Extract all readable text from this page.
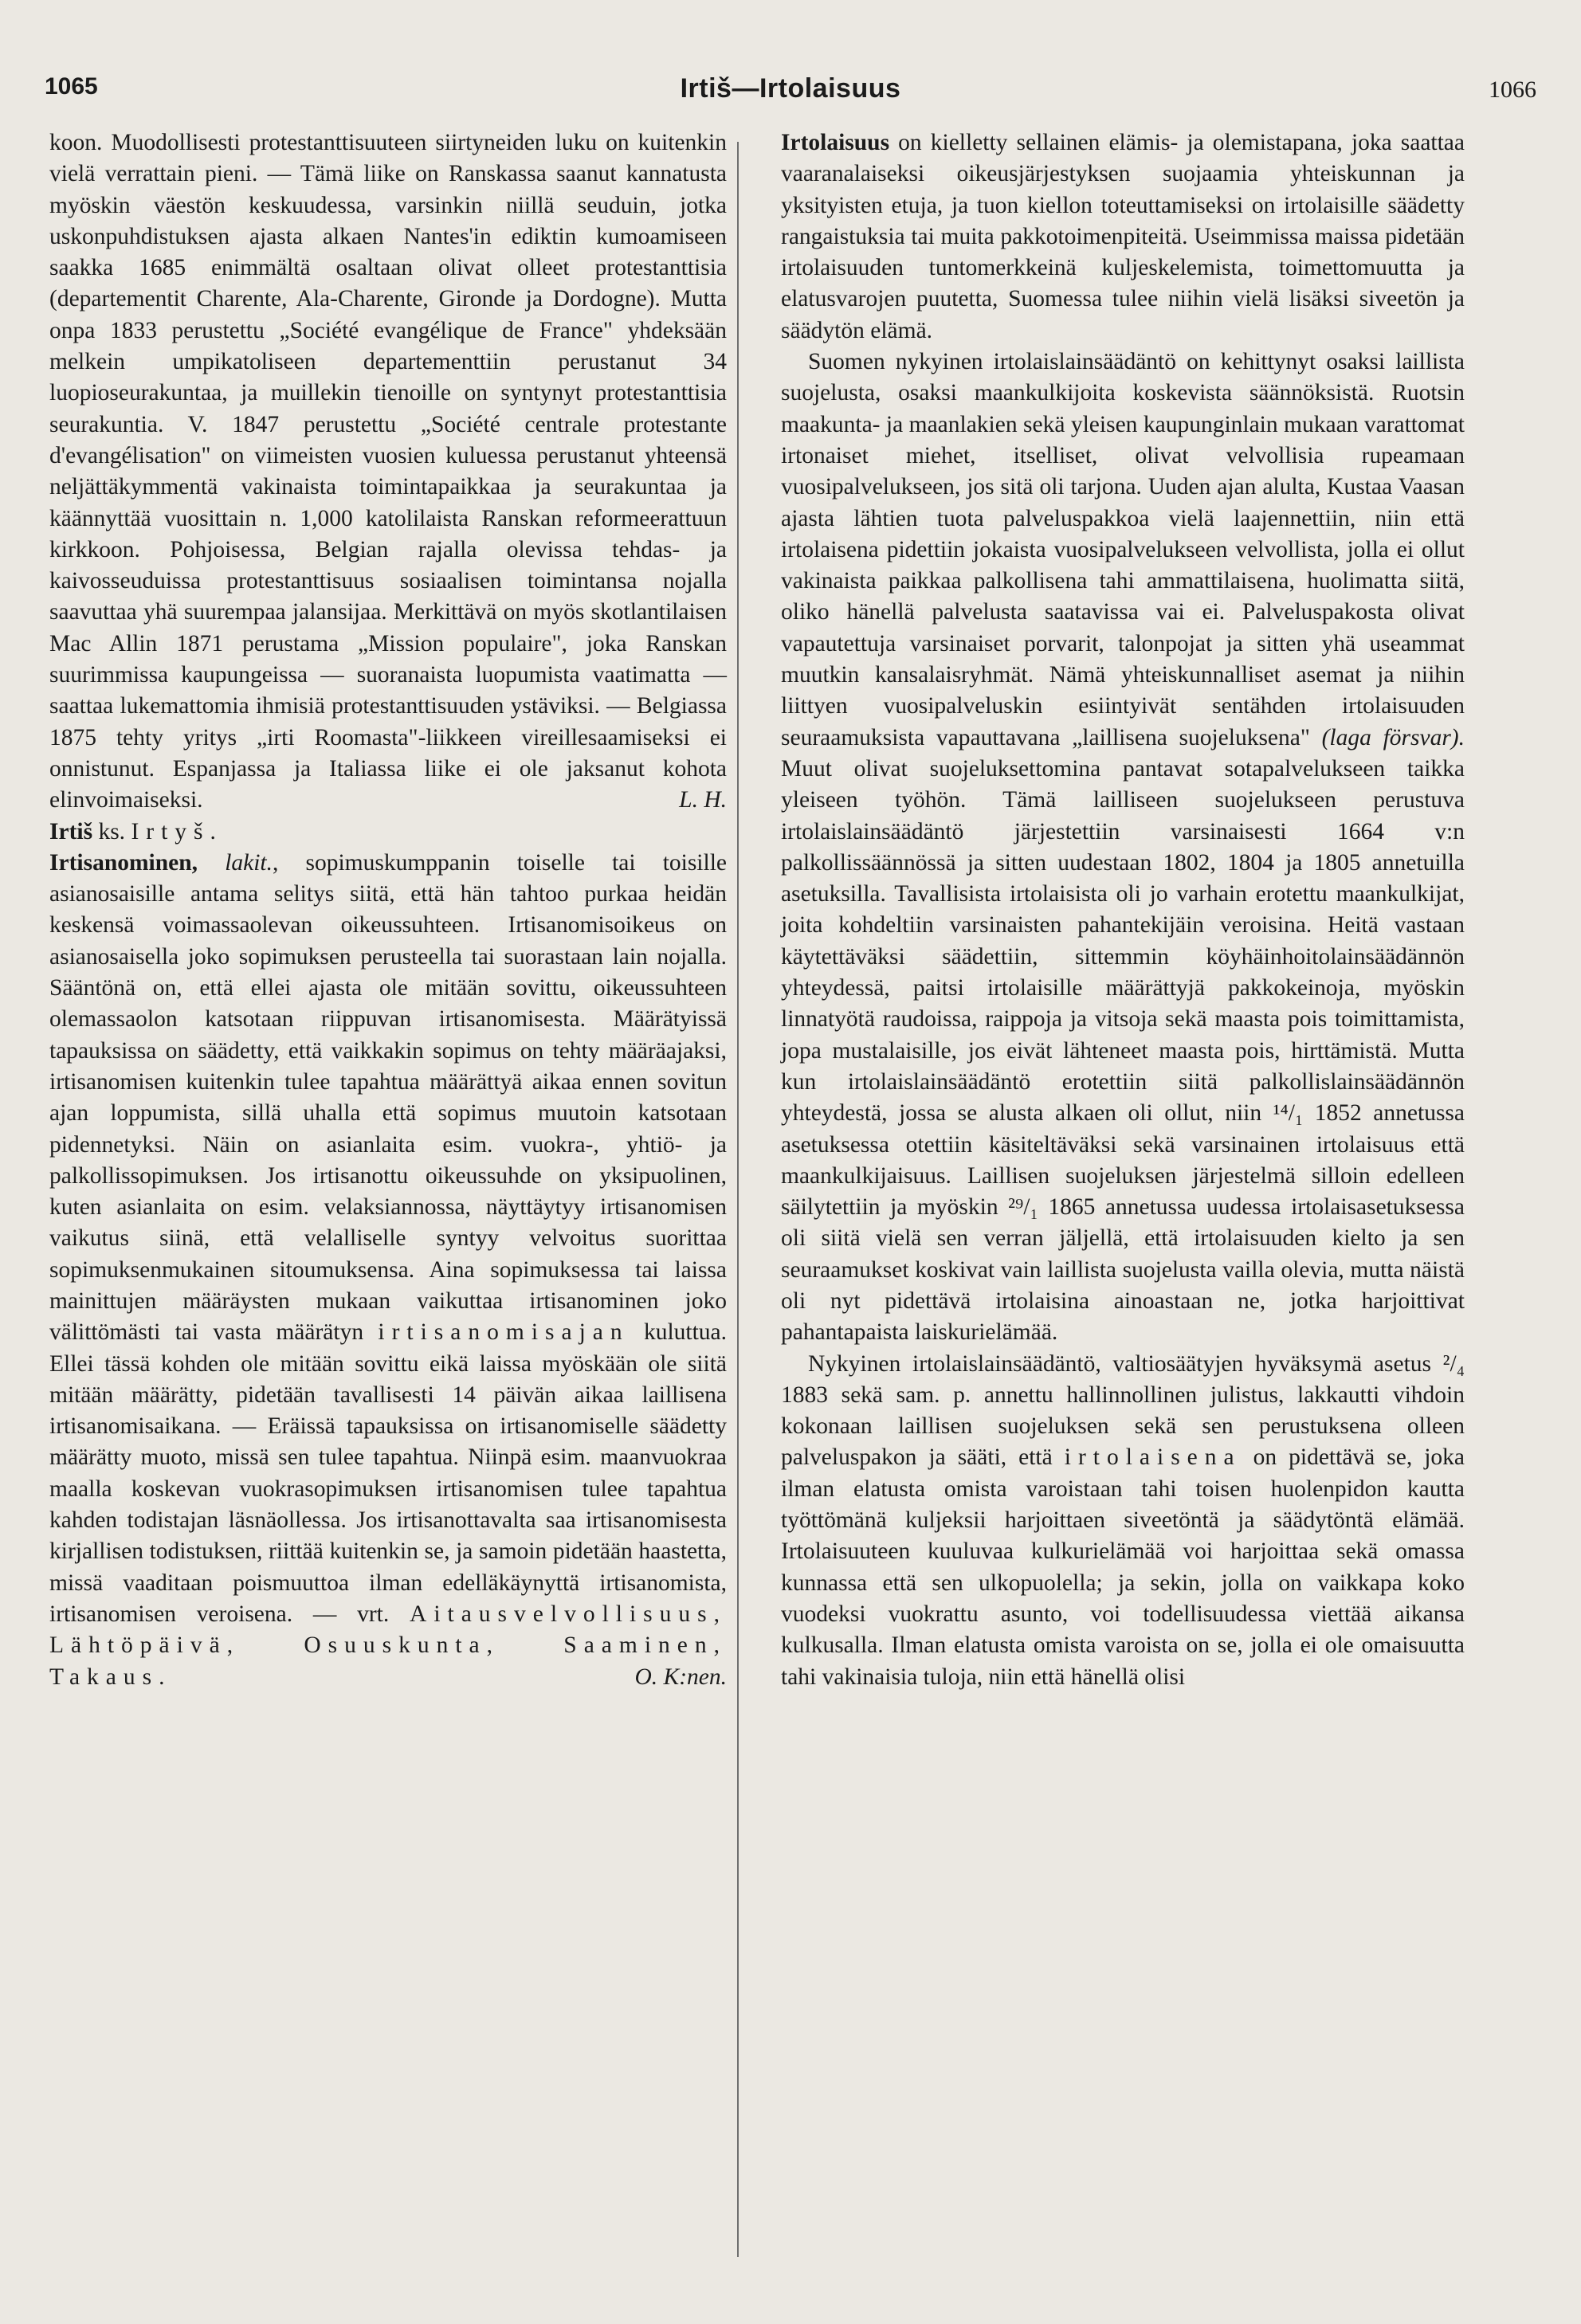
1065	Irtiš—Irtolaisuus	1066

koon. Muodollisesti protestanttisuuteen siirtyneiden luku on kuitenkin vielä verrattain pieni. — Tämä liike on Ranskassa saanut kannatusta myöskin väestön keskuudessa, varsinkin niillä seuduin, jotka uskonpuhdistuksen ajasta alkaen Nantes'in ediktin kumoamiseen saakka 1685 enimmältä osaltaan olivat olleet protestanttisia (departementit Charente, Ala-Charente, Gironde ja Dordogne). Mutta onpa 1833 perustettu „Société evangélique de France" yhdeksään melkein umpikatoliseen departementtiin perustanut 34 luopioseurakuntaa, ja muillekin tienoille on syntynyt protestanttisia seurakuntia. V. 1847 perustettu „Société centrale protestante d'evangélisation" on viimeisten vuosien kuluessa perustanut yhteensä neljättäkymmentä vakinaista toimintapaikkaa ja seurakuntaa ja käännyttää vuosittain n. 1,000 katolilaista Ranskan reformeerattuun kirkkoon. Pohjoisessa, Belgian rajalla olevissa tehdas- ja kaivosseuduissa protestanttisuus sosiaalisen toimintansa nojalla saavuttaa yhä suurempaa jalansijaa. Merkittävä on myös skotlantilaisen Mac Allin 1871 perustama „Mission populaire", joka Ranskan suurimmissa kaupungeissa — suoranaista luopumista vaatimatta — saattaa lukemattomia ihmisiä protestanttisuuden ystäviksi. — Belgiassa 1875 tehty yritys „irti Roomasta"-liikkeen vireillesaamiseksi ei onnistunut. Espanjassa ja Italiassa liike ei ole jaksanut kohota elinvoimaiseksi.	L. H.

Irtiš ks. Irtyš.

Irtisanominen, lakit., sopimuskumppanin toiselle tai toisille asianosaisille antama selitys siitä, että hän tahtoo purkaa heidän keskensä voimassaolevan oikeussuhteen. Irtisanomisoikeus on asianosaisella joko sopimuksen perusteella tai suorastaan lain nojalla. Sääntönä on, että ellei ajasta ole mitään sovittu, oikeussuhteen olemassaolon katsotaan riippuvan irtisanomisesta. Määrätyissä tapauksissa on säädetty, että vaikkakin sopimus on tehty määräajaksi, irtisanomisen kuitenkin tulee tapahtua määrättyä aikaa ennen sovitun ajan loppumista, sillä uhalla että sopimus muutoin katsotaan pidennetyksi. Näin on asianlaita esim. vuokra-, yhtiö- ja palkollissopimuksen. Jos irtisanottu oikeussuhde on yksipuolinen, kuten asianlaita on esim. velaksiannossa, näyttäytyy irtisanomisen vaikutus siinä, että velalliselle syntyy velvoitus suorittaa sopimuksenmukainen sitoumuksensa. Aina sopimuksessa tai laissa mainittujen määräysten mukaan vaikuttaa irtisanominen joko välittömästi tai vasta määrätyn irtisanomisajan kuluttua. Ellei tässä kohden ole mitään sovittu eikä laissa myöskään ole siitä mitään määrätty, pidetään tavallisesti 14 päivän aikaa laillisena irtisanomisaikana. — Eräissä tapauksissa on irtisanomiselle säädetty määrätty muoto, missä sen tulee tapahtua. Niinpä esim. maanvuokraa maalla koskevan vuokrasopimuksen irtisanomisen tulee tapahtua kahden todistajan läsnäollessa. Jos irtisanottavalta saa irtisanomisesta kirjallisen todistuksen, riittää kuitenkin se, ja samoin pidetään haastetta, missä vaaditaan poismuuttoa ilman edelläkäynyttä irtisanomista, irtisanomisen veroisena. — vrt. Aitausvelvollisuus, Lähtöpäivä, Osuuskunta, Saaminen, Takaus.	O. K:nen.

Irtolaisuus on kielletty sellainen elämis- ja olemistapana, joka saattaa vaaranalaiseksi oikeusjärjestyksen suojaamia yhteiskunnan ja yksityisten etuja, ja tuon kiellon toteuttamiseksi on irtolaisille säädetty rangaistuksia tai muita pakkotoimenpiteitä. Useimmissa maissa pidetään irtolaisuuden tuntomerkkeinä kuljeskelemista, toimettomuutta ja elatusvarojen puutetta, Suomessa tulee niihin vielä lisäksi siveetön ja säädytön elämä.

Suomen nykyinen irtolaislainsäädäntö on kehittynyt osaksi laillista suojelusta, osaksi maankulkijoita koskevista säännöksistä. Ruotsin maakunta- ja maanlakien sekä yleisen kaupunginlain mukaan varattomat irtonaiset miehet, itselliset, olivat velvollisia rupeamaan vuosipalvelukseen, jos sitä oli tarjona. Uuden ajan alulta, Kustaa Vaasan ajasta lähtien tuota palveluspakkoa vielä laajennettiin, niin että irtolaisena pidettiin jokaista vuosipalvelukseen velvollista, jolla ei ollut vakinaista paikkaa palkollisena tahi ammattilaisena, huolimatta siitä, oliko hänellä palvelusta saatavissa vai ei. Palveluspakosta olivat vapautettuja varsinaiset porvarit, talonpojat ja sitten yhä useammat muutkin kansalaisryhmät. Nämä yhteiskunnalliset asemat ja niihin liittyen vuosipalveluskin esiintyivät sentähden irtolaisuuden seuraamuksista vapauttavana „laillisena suojeluksena" (laga försvar). Muut olivat suojeluksettomina pantavat sotapalvelukseen taikka yleiseen työhön. Tämä lailliseen suojelukseen perustuva irtolaislainsäädäntö järjestettiin varsinaisesti 1664 v:n palkollissäännössä ja sitten uudestaan 1802, 1804 ja 1805 annetuilla asetuksilla. Tavallisista irtolaisista oli jo varhain erotettu maankulkijat, joita kohdeltiin varsinaisten pahantekijäin veroisina. Heitä vastaan käytettäväksi säädettiin, sittemmin köyhäinhoitolainsäädännön yhteydessä, paitsi irtolaisille määrättyjä pakkokeinoja, myöskin linnatyötä raudoissa, raippoja ja vitsoja sekä maasta pois toimittamista, jopa mustalaisille, jos eivät lähteneet maasta pois, hirttämistä. Mutta kun irtolaislainsäädäntö erotettiin siitä palkollislainsäädännön yhteydestä, jossa se alusta alkaen oli ollut, niin ¹⁴/₁ 1852 annetussa asetuksessa otettiin käsiteltäväksi sekä varsinainen irtolaisuus että maankulkijaisuus. Laillisen suojeluksen järjestelmä silloin edelleen säilytettiin ja myöskin ²⁹/₁ 1865 annetussa uudessa irtolaisasetuksessa oli siitä vielä sen verran jäljellä, että irtolaisuuden kielto ja sen seuraamukset koskivat vain laillista suojelusta vailla olevia, mutta näistä oli nyt pidettävä irtolaisina ainoastaan ne, jotka harjoittivat pahantapaista laiskurielämää.

Nykyinen irtolaislainsäädäntö, valtiosäätyjen hyväksymä asetus ²/₄ 1883 sekä sam. p. annettu hallinnollinen julistus, lakkautti vihdoin kokonaan laillisen suojeluksen sekä sen perustuksena olleen palveluspakon ja sääti, että irtolaisena on pidettävä se, joka ilman elatusta omista varoistaan tahi toisen huolenpidon kautta työttömänä kuljeksii harjoittaen siveetöntä ja säädytöntä elämää. Irtolaisuuteen kuuluvaa kulkurielämää voi harjoittaa sekä omassa kunnassa että sen ulkopuolella; ja sekin, jolla on vaikkapa koko vuodeksi vuokrattu asunto, voi todellisuudessa viettää aikansa kulkusalla. Ilman elatusta omista varoista on se, jolla ei ole omaisuutta tahi vakinaisia tuloja, niin että hänellä olisi
